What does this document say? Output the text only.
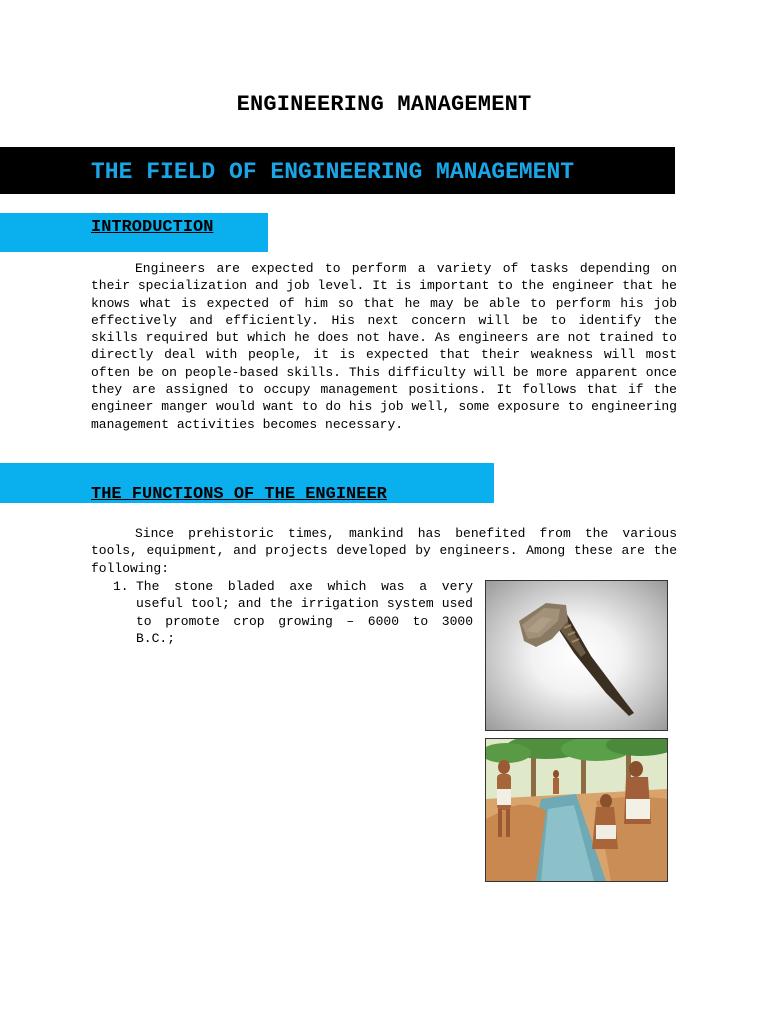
ENGINEERING MANAGEMENT
THE FIELD OF ENGINEERING MANAGEMENT
INTRODUCTION

Engineers are expected to perform a variety of tasks depending on their specialization and job level. It is important to the engineer that he knows what is expected of him so that he may be able to perform his job effectively and efficiently. His next concern will be to identify the skills required but which he does not have. As engineers are not trained to directly deal with people, it is expected that their weakness will most often be on people-based skills. This difficulty will be more apparent once they are assigned to occupy management positions. It follows that if the engineer manger would want to do his job well, some exposure to engineering management activities becomes necessary.

THE FUNCTIONS OF THE ENGINEER

Since prehistoric times, mankind has benefited from the various tools, equipment, and projects developed by engineers. Among these are the following:

1. The stone bladed axe which was a very useful tool; and the irrigation system used to promote crop growing – 6000 to 3000 B.C.;
